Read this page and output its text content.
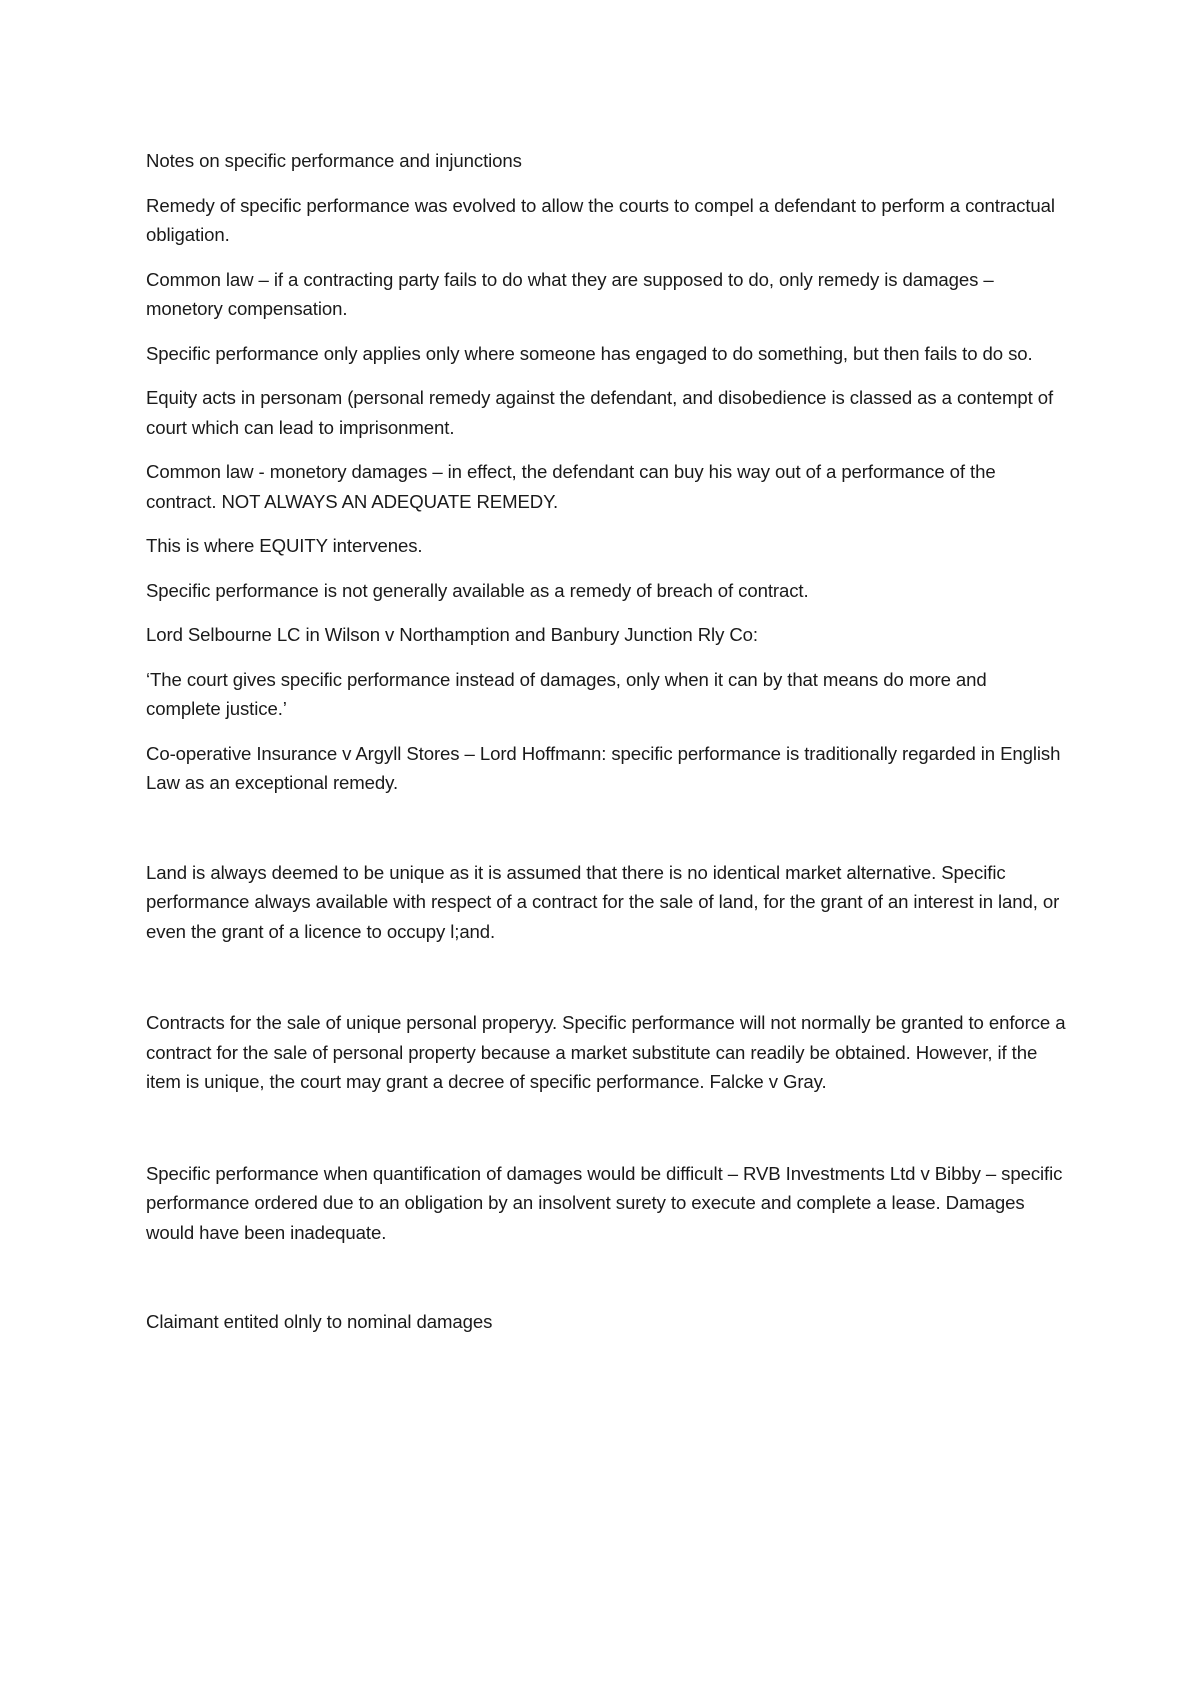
Notes on specific performance and injunctions

Remedy of specific performance was evolved to allow the courts to compel a defendant to perform a contractual obligation.

Common law – if a contracting party fails to do what they are supposed to do, only remedy is damages – monetory compensation.

Specific performance only applies only where someone has engaged to do something, but then fails to do so.

Equity acts in personam (personal remedy against the defendant, and disobedience is classed as a contempt of court which can lead to imprisonment.

Common law - monetory damages – in effect, the defendant can buy his way out of a performance of the contract. NOT ALWAYS AN ADEQUATE REMEDY.

This is where EQUITY intervenes.

Specific performance is not generally available as a remedy of breach of contract.

Lord Selbourne LC in Wilson v Northamption and Banbury Junction Rly Co:

‘The court gives specific performance instead of damages, only when it can by that means do more and complete justice.’

Co-operative Insurance v Argyll Stores – Lord Hoffmann: specific performance is traditionally regarded in English Law as an exceptional remedy.

Land is always deemed to be unique as it is assumed that there is no identical market alternative. Specific performance always available with respect of a contract for the sale of land, for the grant of an interest in land, or even the grant of a licence to occupy l;and.

Contracts for the sale of unique personal properyy. Specific performance will not normally be granted to enforce a contract for the sale of personal property because a market substitute can readily be obtained. However, if the item is unique, the court may grant a decree of specific performance. Falcke v Gray.

Specific performance when quantification of damages would be difficult – RVB Investments Ltd v Bibby – specific performance ordered due to an obligation by an insolvent surety to execute and complete a lease. Damages would have been inadequate.

Claimant entited olnly to nominal damages
